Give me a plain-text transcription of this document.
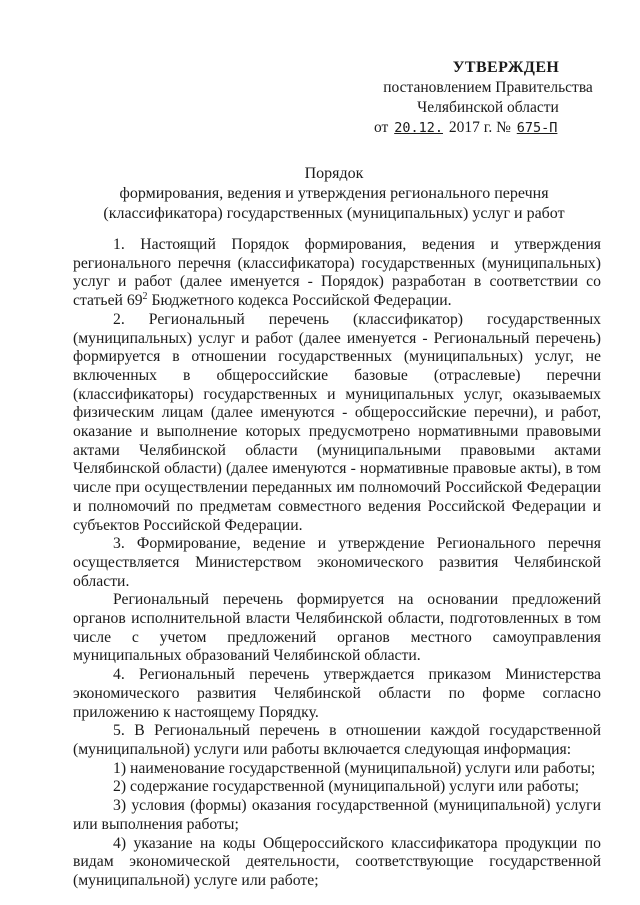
УТВЕРЖДЕН
постановлением Правительства
Челябинской области
от 20.12. 2017 г. № 675-П
Порядок
формирования, ведения и утверждения регионального перечня
(классификатора) государственных (муниципальных) услуг и работ

1. Настоящий Порядок формирования, ведения и утверждения регионального перечня (классификатора) государственных (муниципальных) услуг и работ (далее именуется - Порядок) разработан в соответствии со статьей $69^2$ Бюджетного кодекса Российской Федерации.

2. Региональный перечень (классификатор) государственных (муниципальных) услуг и работ (далее именуется - Региональный перечень) формируется в отношении государственных (муниципальных) услуг, не включенных в общероссийские базовые (отраслевые) перечни (классификаторы) государственных и муниципальных услуг, оказываемых физическим лицам (далее именуются - общероссийские перечни), и работ, оказание и выполнение которых предусмотрено нормативными правовыми актами Челябинской области (муниципальными правовыми актами Челябинской области) (далее именуются - нормативные правовые акты), в том числе при осуществлении переданных им полномочий Российской Федерации и полномочий по предметам совместного ведения Российской Федерации и субъектов Российской Федерации.

3. Формирование, ведение и утверждение Регионального перечня осуществляется Министерством экономического развития Челябинской области.

Региональный перечень формируется на основании предложений органов исполнительной власти Челябинской области, подготовленных в том числе с учетом предложений органов местного самоуправления муниципальных образований Челябинской области.

4. Региональный перечень утверждается приказом Министерства экономического развития Челябинской области по форме согласно приложению к настоящему Порядку.

5. В Региональный перечень в отношении каждой государственной (муниципальной) услуги или работы включается следующая информация:

1) наименование государственной (муниципальной) услуги или работы;

2) содержание государственной (муниципальной) услуги или работы;

3) условия (формы) оказания государственной (муниципальной) услуги или выполнения работы;

4) указание на коды Общероссийского классификатора продукции по видам экономической деятельности, соответствующие государственной (муниципальной) услуге или работе;
